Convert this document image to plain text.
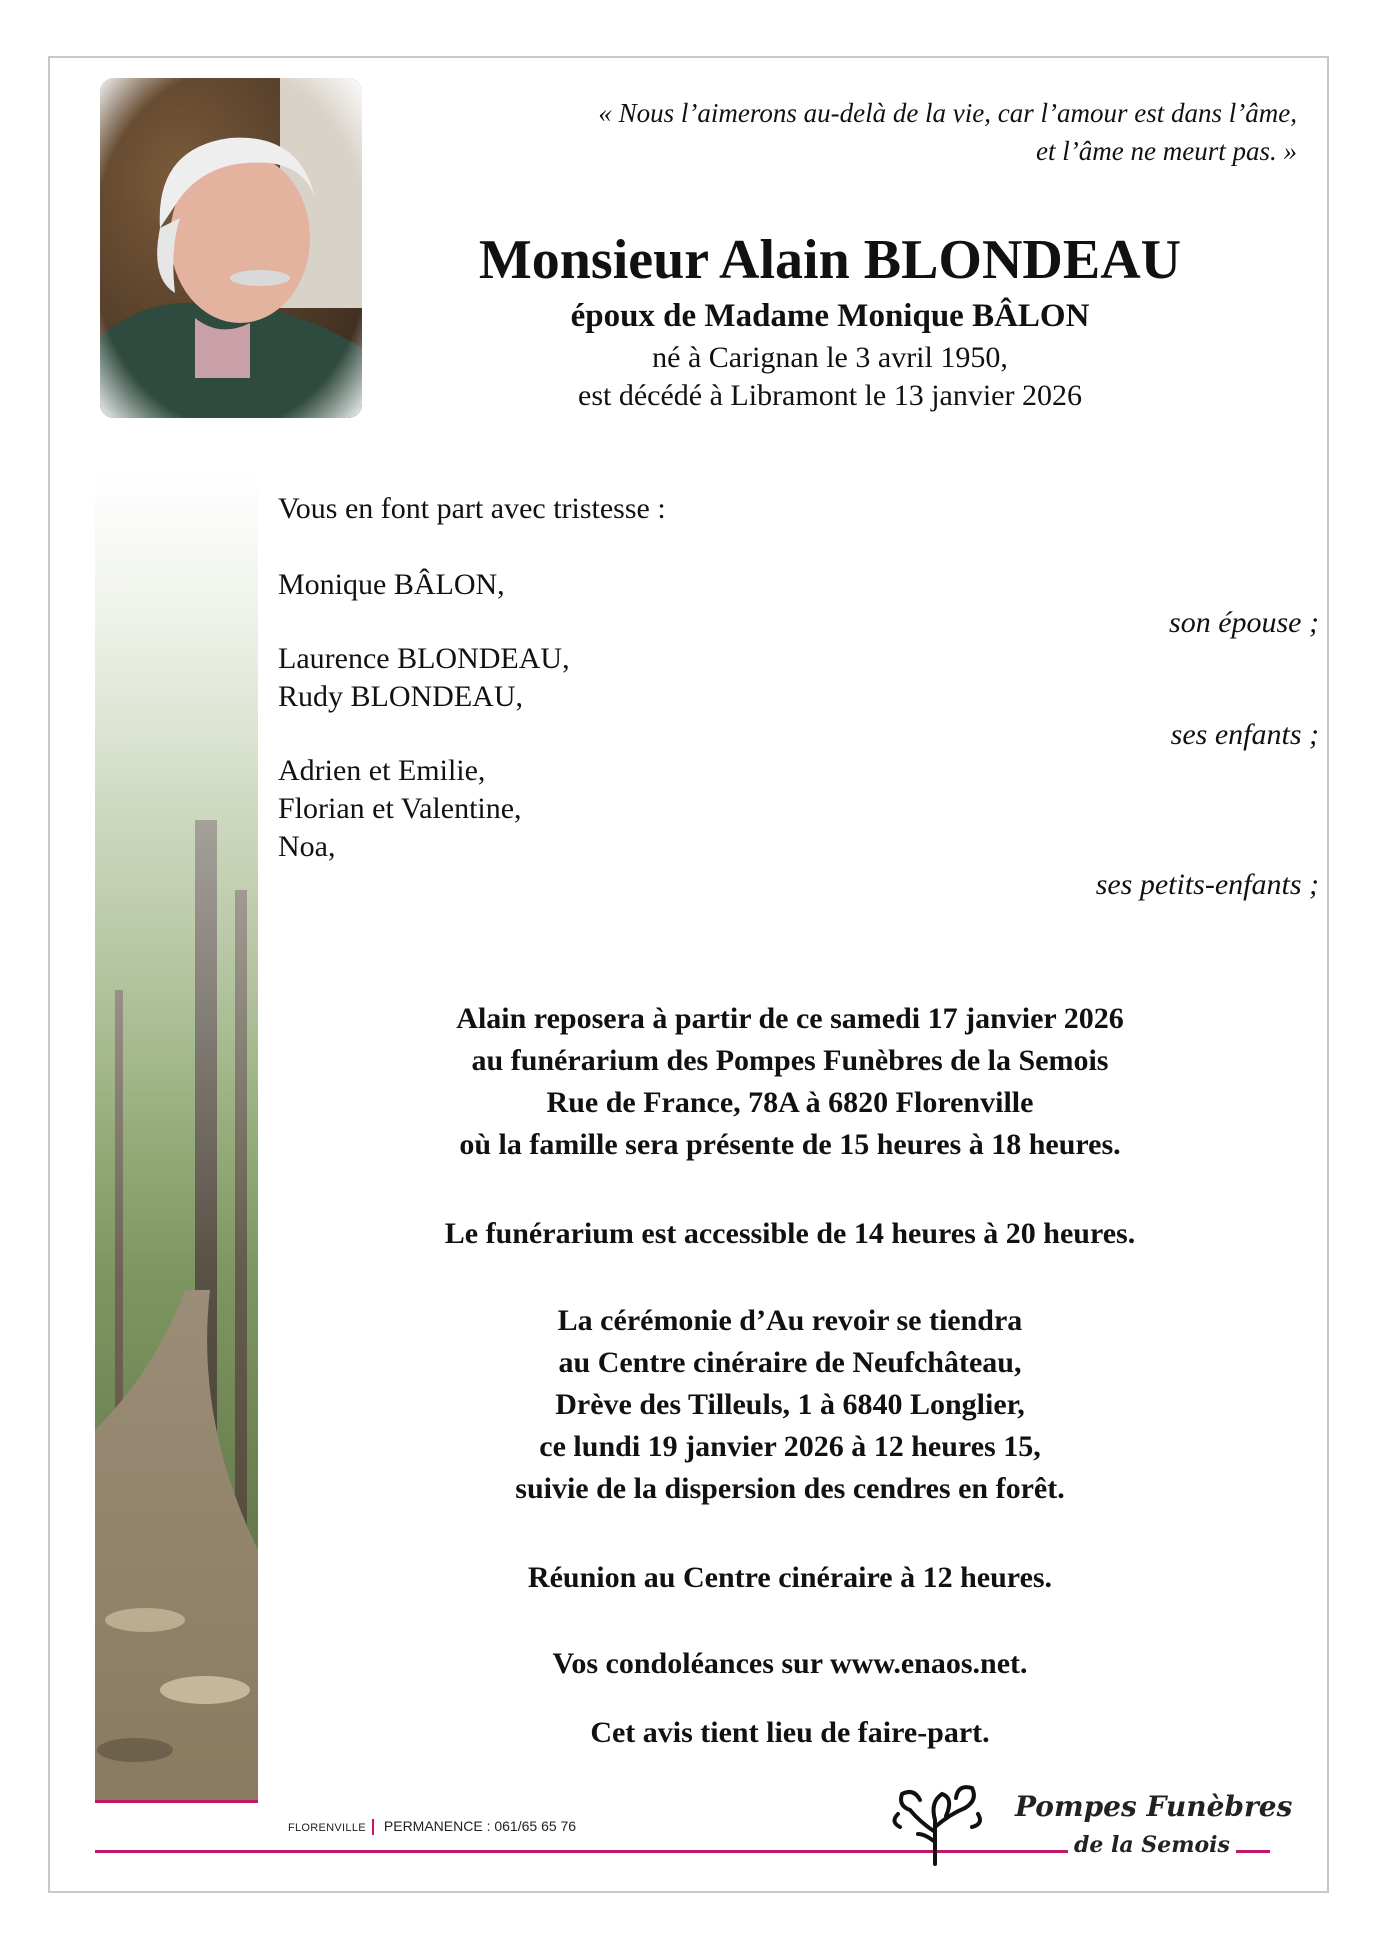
« Nous l’aimerons au-delà de la vie, car l’amour est dans l’âme,
et l’âme ne meurt pas. »
Monsieur Alain BLONDEAU
époux de Madame Monique BÂLON
né à Carignan le 3 avril 1950,
est décédé à Libramont le 13 janvier 2026
Vous en font part avec tristesse :
Monique BÂLON,
son épouse ;
Laurence BLONDEAU,
Rudy BLONDEAU,
ses enfants ;
Adrien et Emilie,
Florian et Valentine,
Noa,
ses petits-enfants ;
Alain reposera à partir de ce samedi 17 janvier 2026
au funérarium des Pompes Funèbres de la Semois
Rue de France, 78A à 6820 Florenville
où la famille sera présente de 15 heures à 18 heures.
Le funérarium est accessible de 14 heures à 20 heures.
La cérémonie d’Au revoir se tiendra
au Centre cinéraire de Neufchâteau,
Drève des Tilleuls, 1 à 6840 Longlier,
ce lundi 19 janvier 2026 à 12 heures 15,
suivie de la dispersion des cendres en forêt.
Réunion au Centre cinéraire à 12 heures.
Vos condoléances sur www.enaos.net.
Cet avis tient lieu de faire-part.
FLORENVILLE PERMANENCE : 061/65 65 76
Pompes Funèbres
de la Semois
